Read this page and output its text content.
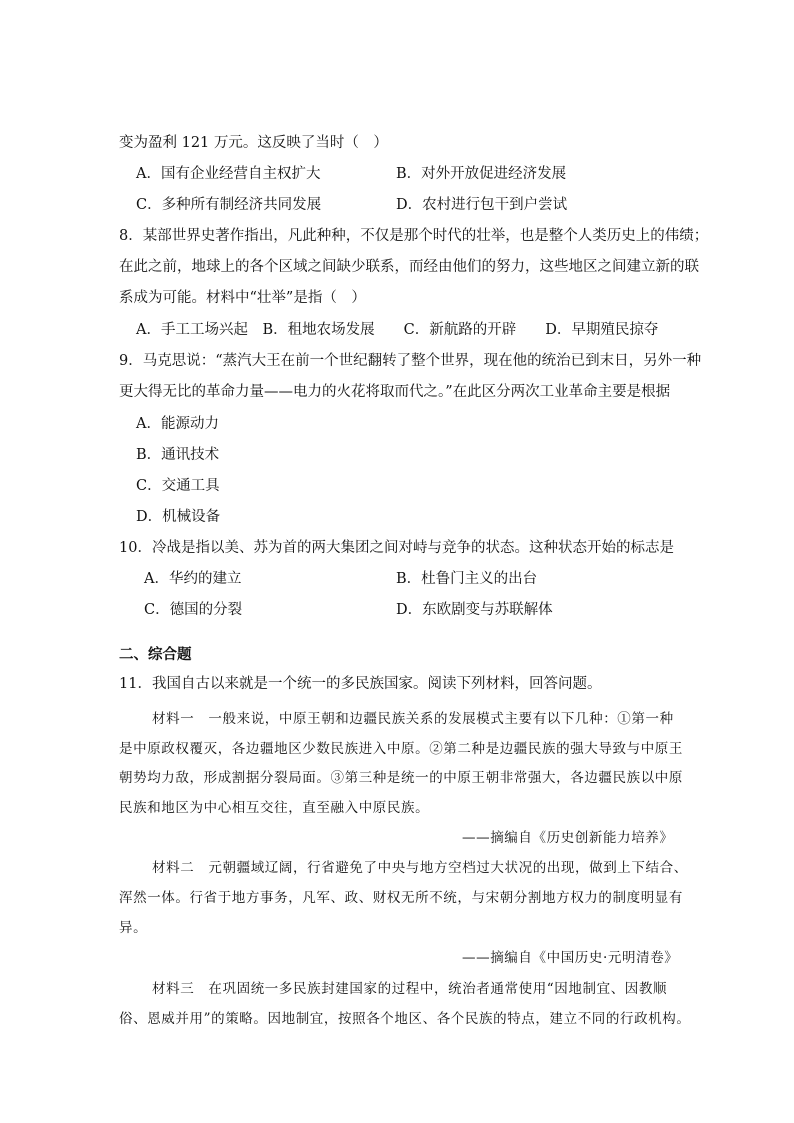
变为盈利 121 万元。这反映了当时（　）
A．国有企业经营自主权扩大	B．对外开放促进经济发展
C．多种所有制经济共同发展	D．农村进行包干到户尝试
8．某部世界史著作指出，凡此种种，不仅是那个时代的壮举，也是整个人类历史上的伟绩；
在此之前，地球上的各个区域之间缺少联系，而经由他们的努力，这些地区之间建立新的联
系成为可能。材料中“壮举”是指（　）
A．手工工场兴起　B．租地农场发展　　C．新航路的开辟　　D．早期殖民掠夺
9．马克思说：“蒸汽大王在前一个世纪翻转了整个世界，现在他的统治已到末日，另外一种
更大得无比的革命力量——电力的火花将取而代之。”在此区分两次工业革命主要是根据
A．能源动力
B．通讯技术
C．交通工具
D．机械设备
10．冷战是指以美、苏为首的两大集团之间对峙与竞争的状态。这种状态开始的标志是
A．华约的建立	B．杜鲁门主义的出台
C．德国的分裂	D．东欧剧变与苏联解体
二、综合题
11．我国自古以来就是一个统一的多民族国家。阅读下列材料，回答问题。
材料一　一般来说，中原王朝和边疆民族关系的发展模式主要有以下几种：①第一种
是中原政权覆灭，各边疆地区少数民族进入中原。②第二种是边疆民族的强大导致与中原王
朝势均力敌，形成割据分裂局面。③第三种是统一的中原王朝非常强大，各边疆民族以中原
民族和地区为中心相互交往，直至融入中原民族。
——摘编自《历史创新能力培养》
材料二　元朝疆域辽阔，行省避免了中央与地方空档过大状况的出现，做到上下结合、
浑然一体。行省于地方事务，凡军、政、财权无所不统，与宋朝分割地方权力的制度明显有
异。
——摘编自《中国历史·元明清卷》
材料三　在巩固统一多民族封建国家的过程中，统治者通常使用“因地制宜、因教顺
俗、恩威并用”的策略。因地制宜，按照各个地区、各个民族的特点，建立不同的行政机构。
